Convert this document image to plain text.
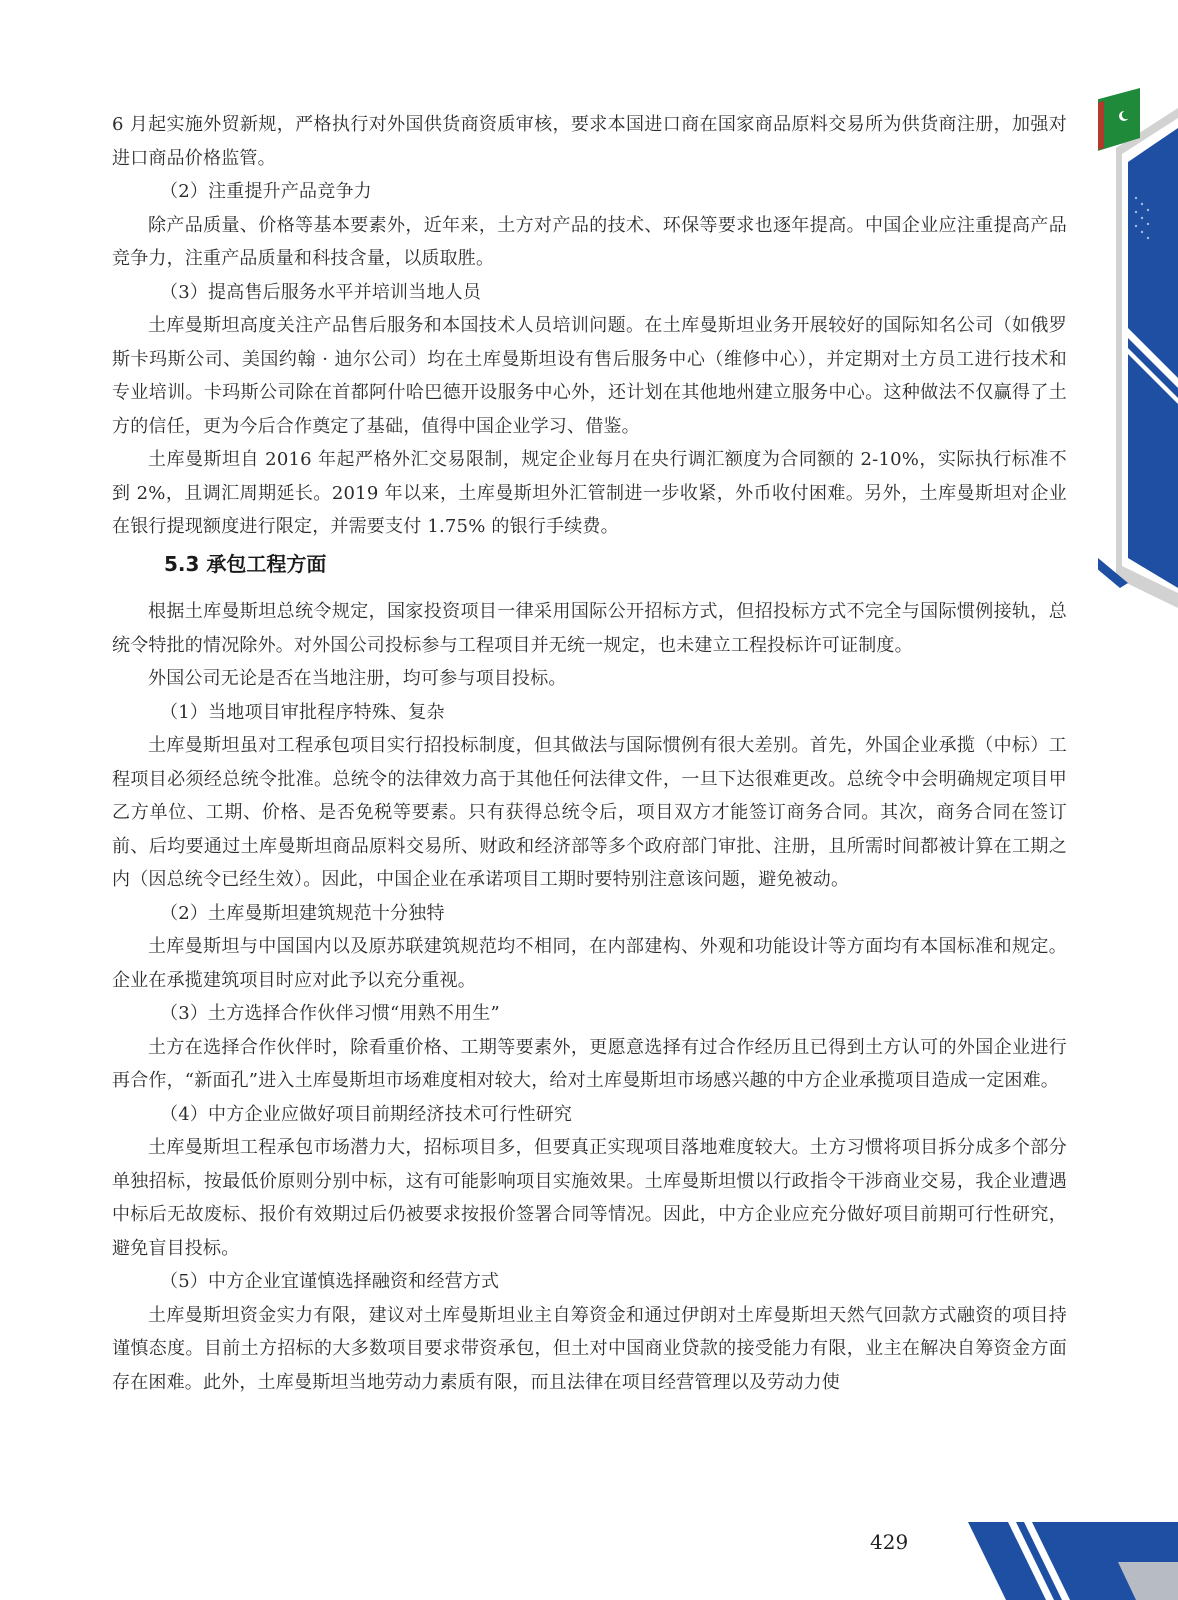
6 月起实施外贸新规，严格执行对外国供货商资质审核，要求本国进口商在国家商品原料交易所为供货商注册，加强对进口商品价格监管。

（2）注重提升产品竞争力

除产品质量、价格等基本要素外，近年来，土方对产品的技术、环保等要求也逐年提高。中国企业应注重提高产品竞争力，注重产品质量和科技含量，以质取胜。

（3）提高售后服务水平并培训当地人员

土库曼斯坦高度关注产品售后服务和本国技术人员培训问题。在土库曼斯坦业务开展较好的国际知名公司（如俄罗斯卡玛斯公司、美国约翰 · 迪尔公司）均在土库曼斯坦设有售后服务中心（维修中心），并定期对土方员工进行技术和专业培训。卡玛斯公司除在首都阿什哈巴德开设服务中心外，还计划在其他地州建立服务中心。这种做法不仅赢得了土方的信任，更为今后合作奠定了基础，值得中国企业学习、借鉴。

土库曼斯坦自 2016 年起严格外汇交易限制，规定企业每月在央行调汇额度为合同额的 2-10%，实际执行标准不到 2%，且调汇周期延长。2019 年以来，土库曼斯坦外汇管制进一步收紧，外币收付困难。另外，土库曼斯坦对企业在银行提现额度进行限定，并需要支付 1.75% 的银行手续费。

5.3 承包工程方面

根据土库曼斯坦总统令规定，国家投资项目一律采用国际公开招标方式，但招投标方式不完全与国际惯例接轨，总统令特批的情况除外。对外国公司投标参与工程项目并无统一规定，也未建立工程投标许可证制度。

外国公司无论是否在当地注册，均可参与项目投标。

（1）当地项目审批程序特殊、复杂

土库曼斯坦虽对工程承包项目实行招投标制度，但其做法与国际惯例有很大差别。首先，外国企业承揽（中标）工程项目必须经总统令批准。总统令的法律效力高于其他任何法律文件，一旦下达很难更改。总统令中会明确规定项目甲乙方单位、工期、价格、是否免税等要素。只有获得总统令后，项目双方才能签订商务合同。其次，商务合同在签订前、后均要通过土库曼斯坦商品原料交易所、财政和经济部等多个政府部门审批、注册，且所需时间都被计算在工期之内（因总统令已经生效）。因此，中国企业在承诺项目工期时要特别注意该问题，避免被动。

（2）土库曼斯坦建筑规范十分独特

土库曼斯坦与中国国内以及原苏联建筑规范均不相同，在内部建构、外观和功能设计等方面均有本国标准和规定。企业在承揽建筑项目时应对此予以充分重视。

（3）土方选择合作伙伴习惯“用熟不用生”

土方在选择合作伙伴时，除看重价格、工期等要素外，更愿意选择有过合作经历且已得到土方认可的外国企业进行再合作，“新面孔”进入土库曼斯坦市场难度相对较大，给对土库曼斯坦市场感兴趣的中方企业承揽项目造成一定困难。

（4）中方企业应做好项目前期经济技术可行性研究

土库曼斯坦工程承包市场潜力大，招标项目多，但要真正实现项目落地难度较大。土方习惯将项目拆分成多个部分单独招标，按最低价原则分别中标，这有可能影响项目实施效果。土库曼斯坦惯以行政指令干涉商业交易，我企业遭遇中标后无故废标、报价有效期过后仍被要求按报价签署合同等情况。因此，中方企业应充分做好项目前期可行性研究，避免盲目投标。

（5）中方企业宜谨慎选择融资和经营方式

土库曼斯坦资金实力有限，建议对土库曼斯坦业主自筹资金和通过伊朗对土库曼斯坦天然气回款方式融资的项目持谨慎态度。目前土方招标的大多数项目要求带资承包，但土对中国商业贷款的接受能力有限，业主在解决自筹资金方面存在困难。此外，土库曼斯坦当地劳动力素质有限，而且法律在项目经营管理以及劳动力使

429
